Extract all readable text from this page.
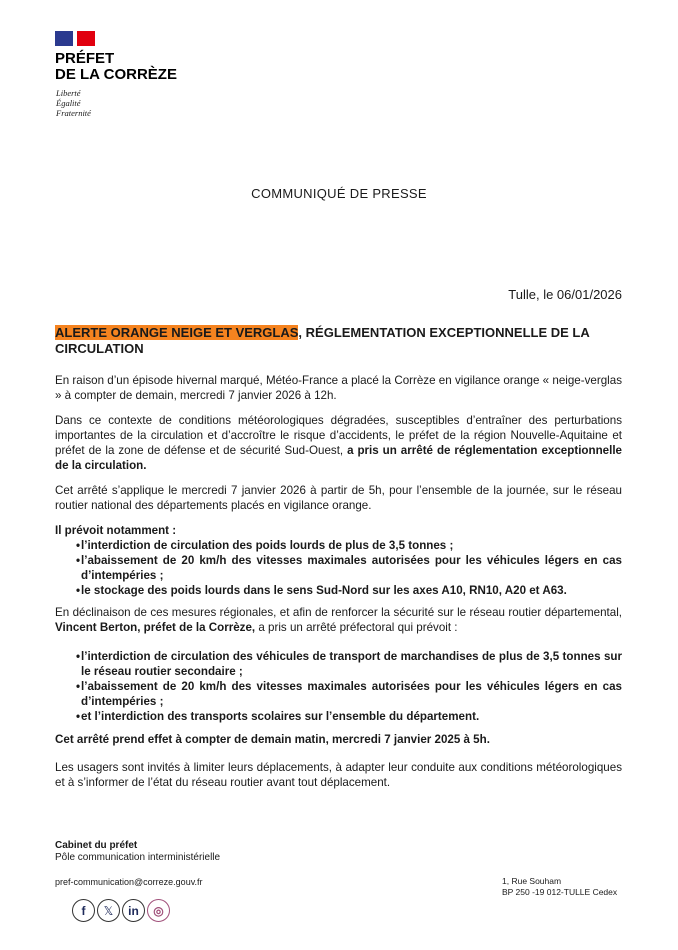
PRÉFET
DE LA CORRÈZE
Liberté
Égalité
Fraternité
COMMUNIQUÉ DE PRESSE
Tulle, le 06/01/2026
ALERTE ORANGE NEIGE ET VERGLAS, RÉGLEMENTATION EXCEPTIONNELLE DE LA CIRCULATION
En raison d’un épisode hivernal marqué, Météo-France a placé la Corrèze en vigilance orange « neige-verglas » à compter de demain, mercredi 7 janvier 2026 à 12h.
Dans ce contexte de conditions météorologiques dégradées, susceptibles d’entraîner des perturbations importantes de la circulation et d’accroître le risque d’accidents, le préfet de la région Nouvelle-Aquitaine et préfet de la zone de défense et de sécurité Sud-Ouest, a pris un arrêté de réglementation exceptionnelle de la circulation.
Cet arrêté s’applique le mercredi 7 janvier 2026 à partir de 5h, pour l’ensemble de la journée, sur le réseau routier national des départements placés en vigilance orange.
Il prévoit notamment :
• l’interdiction de circulation des poids lourds de plus de 3,5 tonnes ;
• l’abaissement de 20 km/h des vitesses maximales autorisées pour les véhicules légers en cas d’intempéries ;
• le stockage des poids lourds dans le sens Sud-Nord sur les axes A10, RN10, A20 et A63.
En déclinaison de ces mesures régionales, et afin de renforcer la sécurité sur le réseau routier départemental, Vincent Berton, préfet de la Corrèze, a pris un arrêté préfectoral qui prévoit :
• l’interdiction de circulation des véhicules de transport de marchandises de plus de 3,5 tonnes sur le réseau routier secondaire ;
• l’abaissement de 20 km/h des vitesses maximales autorisées pour les véhicules légers en cas d’intempéries ;
• et l’interdiction des transports scolaires sur l’ensemble du département.
Cet arrêté prend effet à compter de demain matin, mercredi 7 janvier 2025 à 5h.
Les usagers sont invités à limiter leurs déplacements, à adapter leur conduite aux conditions météorologiques et à s’informer de l’état du réseau routier avant tout déplacement.
Cabinet du préfet
Pôle communication interministérielle
pref-communication@correze.gouv.fr	1, Rue Souham
BP 250 -19 012-TULLE Cedex
f	𝕏	in	◎
